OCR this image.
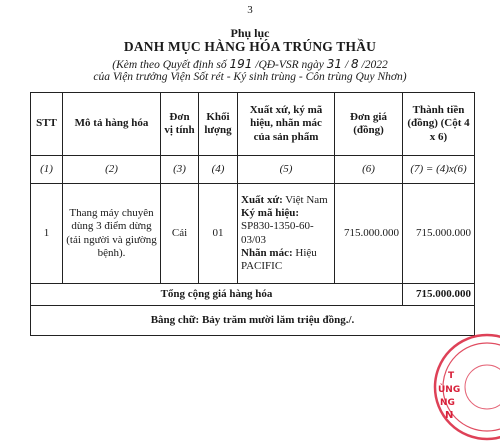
3
Phụ lục
DANH MỤC HÀNG HÓA TRÚNG THẦU
(Kèm theo Quyết định số 191 /QĐ-VSR ngày 31 / 8 /2022
của Viện trưởng Viện Sốt rét - Ký sinh trùng - Côn trùng Quy Nhơn)
STT	Mô tả hàng hóa	Đơn vị tính	Khối lượng	Xuất xứ, ký mã hiệu, nhãn mác của sản phẩm	Đơn giá (đồng)	Thành tiền (đồng) (Cột 4 x 6)
(1)	(2)	(3)	(4)	(5)	(6)	(7) = (4)x(6)
1	Thang máy chuyên dùng 3 điểm dừng (tải người và giường bệnh).	Cái	01	Xuất xứ: Việt Nam
Ký mã hiệu:
SP830-1350-60-03/03
Nhãn mác: Hiệu PACIFIC	715.000.000	715.000.000
Tổng cộng giá hàng hóa						715.000.000
Bằng chữ: Bảy trăm mười lăm triệu đồng./.						
T
ÙNG
NG
N
